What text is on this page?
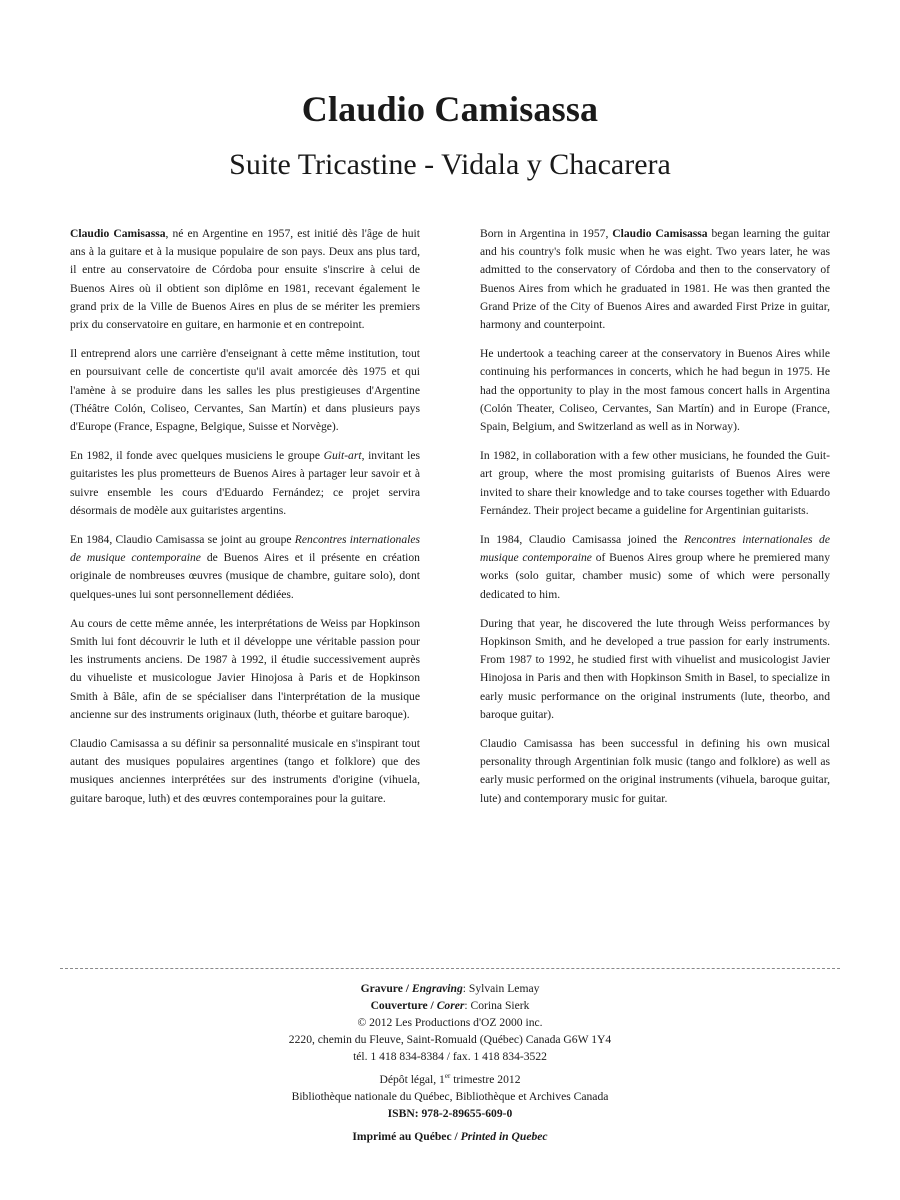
Claudio Camisassa
Suite Tricastine - Vidala y Chacarera

Claudio Camisassa, né en Argentine en 1957, est initié dès l'âge de huit ans à la guitare et à la musique populaire de son pays. Deux ans plus tard, il entre au conservatoire de Córdoba pour ensuite s'inscrire à celui de Buenos Aires où il obtient son diplôme en 1981, recevant également le grand prix de la Ville de Buenos Aires en plus de se mériter les premiers prix du conservatoire en guitare, en harmonie et en contrepoint.

Il entreprend alors une carrière d'enseignant à cette même institution, tout en poursuivant celle de concertiste qu'il avait amorcée dès 1975 et qui l'amène à se produire dans les salles les plus prestigieuses d'Argentine (Théâtre Colón, Coliseo, Cervantes, San Martín) et dans plusieurs pays d'Europe (France, Espagne, Belgique, Suisse et Norvège).

En 1982, il fonde avec quelques musiciens le groupe Guit-art, invitant les guitaristes les plus prometteurs de Buenos Aires à partager leur savoir et à suivre ensemble les cours d'Eduardo Fernández; ce projet servira désormais de modèle aux guitaristes argentins.

En 1984, Claudio Camisassa se joint au groupe Rencontres internationales de musique contemporaine de Buenos Aires et il présente en création originale de nombreuses œuvres (musique de chambre, guitare solo), dont quelques-unes lui sont personnellement dédiées.

Au cours de cette même année, les interprétations de Weiss par Hopkinson Smith lui font découvrir le luth et il développe une véritable passion pour les instruments anciens. De 1987 à 1992, il étudie successivement auprès du vihueliste et musicologue Javier Hinojosa à Paris et de Hopkinson Smith à Bâle, afin de se spécialiser dans l'interprétation de la musique ancienne sur des instruments originaux (luth, théorbe et guitare baroque).

Claudio Camisassa a su définir sa personnalité musicale en s'inspirant tout autant des musiques populaires argentines (tango et folklore) que des musiques anciennes interprétées sur des instruments d'origine (vihuela, guitare baroque, luth) et des œuvres contemporaines pour la guitare.

Born in Argentina in 1957, Claudio Camisassa began learning the guitar and his country's folk music when he was eight. Two years later, he was admitted to the conservatory of Córdoba and then to the conservatory of Buenos Aires from which he graduated in 1981. He was then granted the Grand Prize of the City of Buenos Aires and awarded First Prize in guitar, harmony and counterpoint.

He undertook a teaching career at the conservatory in Buenos Aires while continuing his performances in concerts, which he had begun in 1975. He had the opportunity to play in the most famous concert halls in Argentina (Colón Theater, Coliseo, Cervantes, San Martín) and in Europe (France, Spain, Belgium, and Switzerland as well as in Norway).

In 1982, in collaboration with a few other musicians, he founded the Guit-art group, where the most promising guitarists of Buenos Aires were invited to share their knowledge and to take courses together with Eduardo Fernández. Their project became a guideline for Argentinian guitarists.

In 1984, Claudio Camisassa joined the Rencontres internationales de musique contemporaine of Buenos Aires group where he premiered many works (solo guitar, chamber music) some of which were personally dedicated to him.

During that year, he discovered the lute through Weiss performances by Hopkinson Smith, and he developed a true passion for early instruments. From 1987 to 1992, he studied first with vihuelist and musicologist Javier Hinojosa in Paris and then with Hopkinson Smith in Basel, to specialize in early music performance on the original instruments (lute, theorbo, and baroque guitar).

Claudio Camisassa has been successful in defining his own musical personality through Argentinian folk music (tango and folklore) as well as early music performed on the original instruments (vihuela, baroque guitar, lute) and contemporary music for guitar.

Gravure / Engraving: Sylvain Lemay

Couverture / Corer: Corina Sierk

© 2012 Les Productions d'OZ 2000 inc.

2220, chemin du Fleuve, Saint-Romuald (Québec) Canada G6W 1Y4

tél. 1 418 834-8384 / fax. 1 418 834-3522

Dépôt légal, 1er trimestre 2012

Bibliothèque nationale du Québec, Bibliothèque et Archives Canada

ISBN: 978-2-89655-609-0

Imprimé au Québec / Printed in Quebec
